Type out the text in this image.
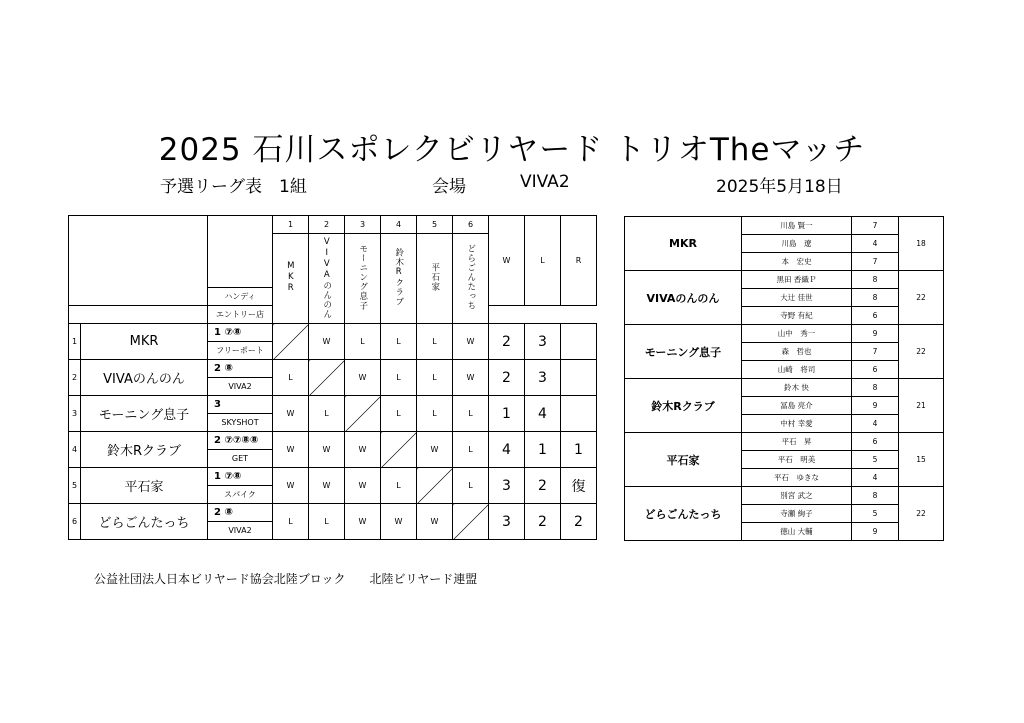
2025 石川スポレクビリヤード トリオTheマッチ
予選リーグ表　1組	会場	VIVA2	2025年5月18日
			1	2	3	4	5	6	W	L	R
			MKR	VIVAのんのん	モーニング息子	鈴木Rクラブ	平石家	どらごんたっち			
		ハンディ									
		エントリー店									
1	MKR	1 ⑦⑧		W	L	L	L	W	2	3	
		フリーポート									
2	VIVAのんのん	2 ⑧	L		W	L	L	W	2	3	
		VIVA2									
3	モーニング息子	3	W	L		L	L	L	1	4	
		SKYSHOT									
4	鈴木Rクラブ	2 ⑦⑦⑧⑧	W	W	W		W	L	4	1	1
		GET									
5	平石家	1 ⑦⑧	W	W	W	L		L	3	2	復
		スパイク									
6	どらごんたっち	2 ⑧	L	L	W	W	W		3	2	2
		VIVA2									
MKR	川島 賢一	7	18
	川島　遼	4	
	本　宏史	7	
VIVAのんのん	黒田 香織Ｐ	8	22
	大辻 佳世	8	
	寺野 有紀	6	
モーニング息子	山中　秀一	9	22
	森　哲也	7	
	山崎　将司	6	
鈴木Rクラブ	鈴木 快	8	21
	冨島 亮介	9	
	中村 幸愛	4	
平石家	平石　昇	6	15
	平石　明美	5	
	平石　ゆきな	4	
どらごんたっち	別宮 武之	8	22
	寺瀬 絢子	5	
	徳山 大輔	9	
公益社団法人日本ビリヤード協会北陸ブロック　　北陸ビリヤード連盟
